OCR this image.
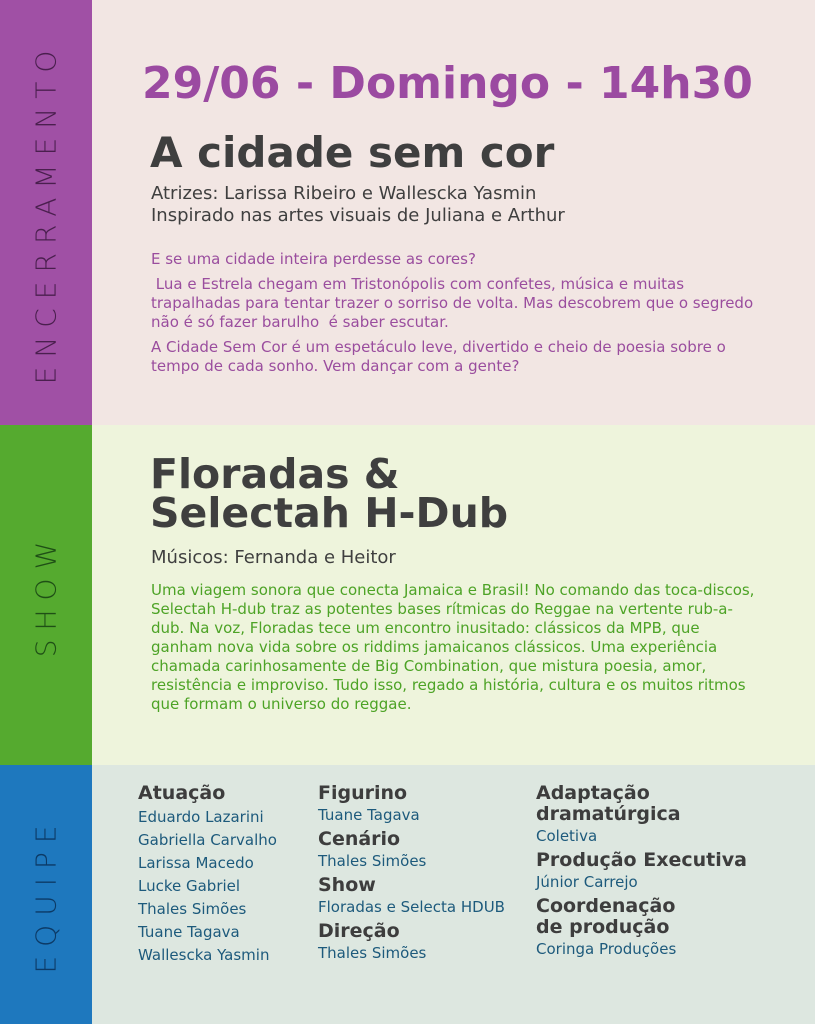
ENCERRAMENTO 29/06 - Domingo - 14h30
A cidade sem cor
Atrizes: Larissa Ribeiro e Wallescka Yasmin
Inspirado nas artes visuais de Juliana e Arthur

E se uma cidade inteira perdesse as cores?

Lua e Estrela chegam em Tristonópolis com confetes, música e muitas trapalhadas para tentar trazer o sorriso de volta. Mas descobrem que o segredo não é só fazer barulho  é saber escutar.

A Cidade Sem Cor é um espetáculo leve, divertido e cheio de poesia sobre o tempo de cada sonho. Vem dançar com a gente?

SHOW
Floradas &
Selectah H-Dub
Músicos: Fernanda e Heitor
Uma viagem sonora que conecta Jamaica e Brasil! No comando das toca-discos, Selectah H-dub traz as potentes bases rítmicas do Reggae na vertente rub-a-dub. Na voz, Floradas tece um encontro inusitado: clássicos da MPB, que ganham nova vida sobre os riddims jamaicanos clássicos. Uma experiência chamada carinhosamente de Big Combination, que mistura poesia, amor, resistência e improviso. Tudo isso, regado a história, cultura e os muitos ritmos que formam o universo do reggae.
EQUIPE
Atuação
Eduardo Lazarini
Gabriella Carvalho
Larissa Macedo
Lucke Gabriel
Thales Simões
Tuane Tagava
Wallescka Yasmin
Figurino
Tuane Tagava
Cenário
Thales Simões
Show
Floradas e Selecta HDUB
Direção
Thales Simões
Adaptação
dramatúrgica
Coletiva
Produção Executiva
Júnior Carrejo
Coordenação
de produção
Coringa Produções
